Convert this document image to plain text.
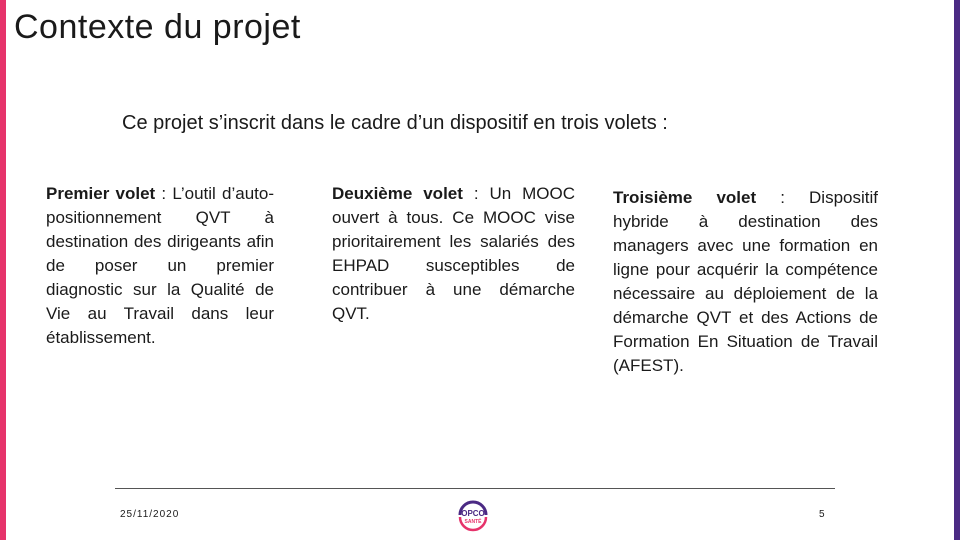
Contexte du projet
Ce projet s’inscrit dans le cadre d’un dispositif en trois volets :
Premier volet : L’outil d’auto-positionnement QVT à destination des dirigeants afin de poser un premier diagnostic sur la Qualité de Vie au Travail dans leur établissement.
Deuxième volet : Un MOOC ouvert à tous. Ce MOOC vise prioritairement les salariés des EHPAD susceptibles de contribuer à une démarche QVT.
Troisième volet : Dispositif hybride à destination des managers avec une formation en ligne pour acquérir la compétence nécessaire au déploiement de la démarche QVT et des Actions de Formation En Situation de Travail (AFEST).
25/11/2020	OPCO
SANTÉ
5
